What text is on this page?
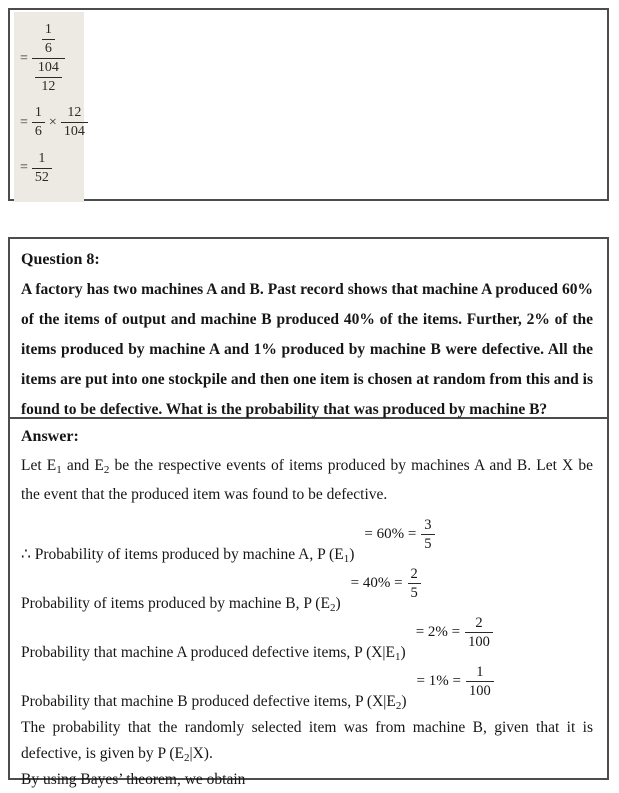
= $\frac{\frac{1}{6}}{\frac{104}{12}}$
= $\frac{1}{6} \times \frac{12}{104}$
= $\frac{1}{52}$
Question 8:

A factory has two machines A and B. Past record shows that machine A produced 60% of the items of output and machine B produced 40% of the items. Further, 2% of the items produced by machine A and 1% produced by machine B were defective. All the items are put into one stockpile and then one item is chosen at random from this and is found to be defective. What is the probability that was produced by machine B?

Answer:

Let $E_1$ and $E_2$ be the respective events of items produced by machines A and B. Let X be the event that the produced item was found to be defective.

∴ Probability of items produced by machine A, P $(E_1)$
= $60\% = \frac{3}{5}$
Probability of items produced by machine B, P $(E_2)$
= $40\% = \frac{2}{5}$
Probability that machine A produced defective items, P $(X|E_1)$
= $2\% = \frac{2}{100}$
Probability that machine B produced defective items, P $(X|E_2)$
= $1\% = \frac{1}{100}$

The probability that the randomly selected item was from machine B, given that it is defective, is given by P $(E_2|X)$.

By using Bayes’ theorem, we obtain
